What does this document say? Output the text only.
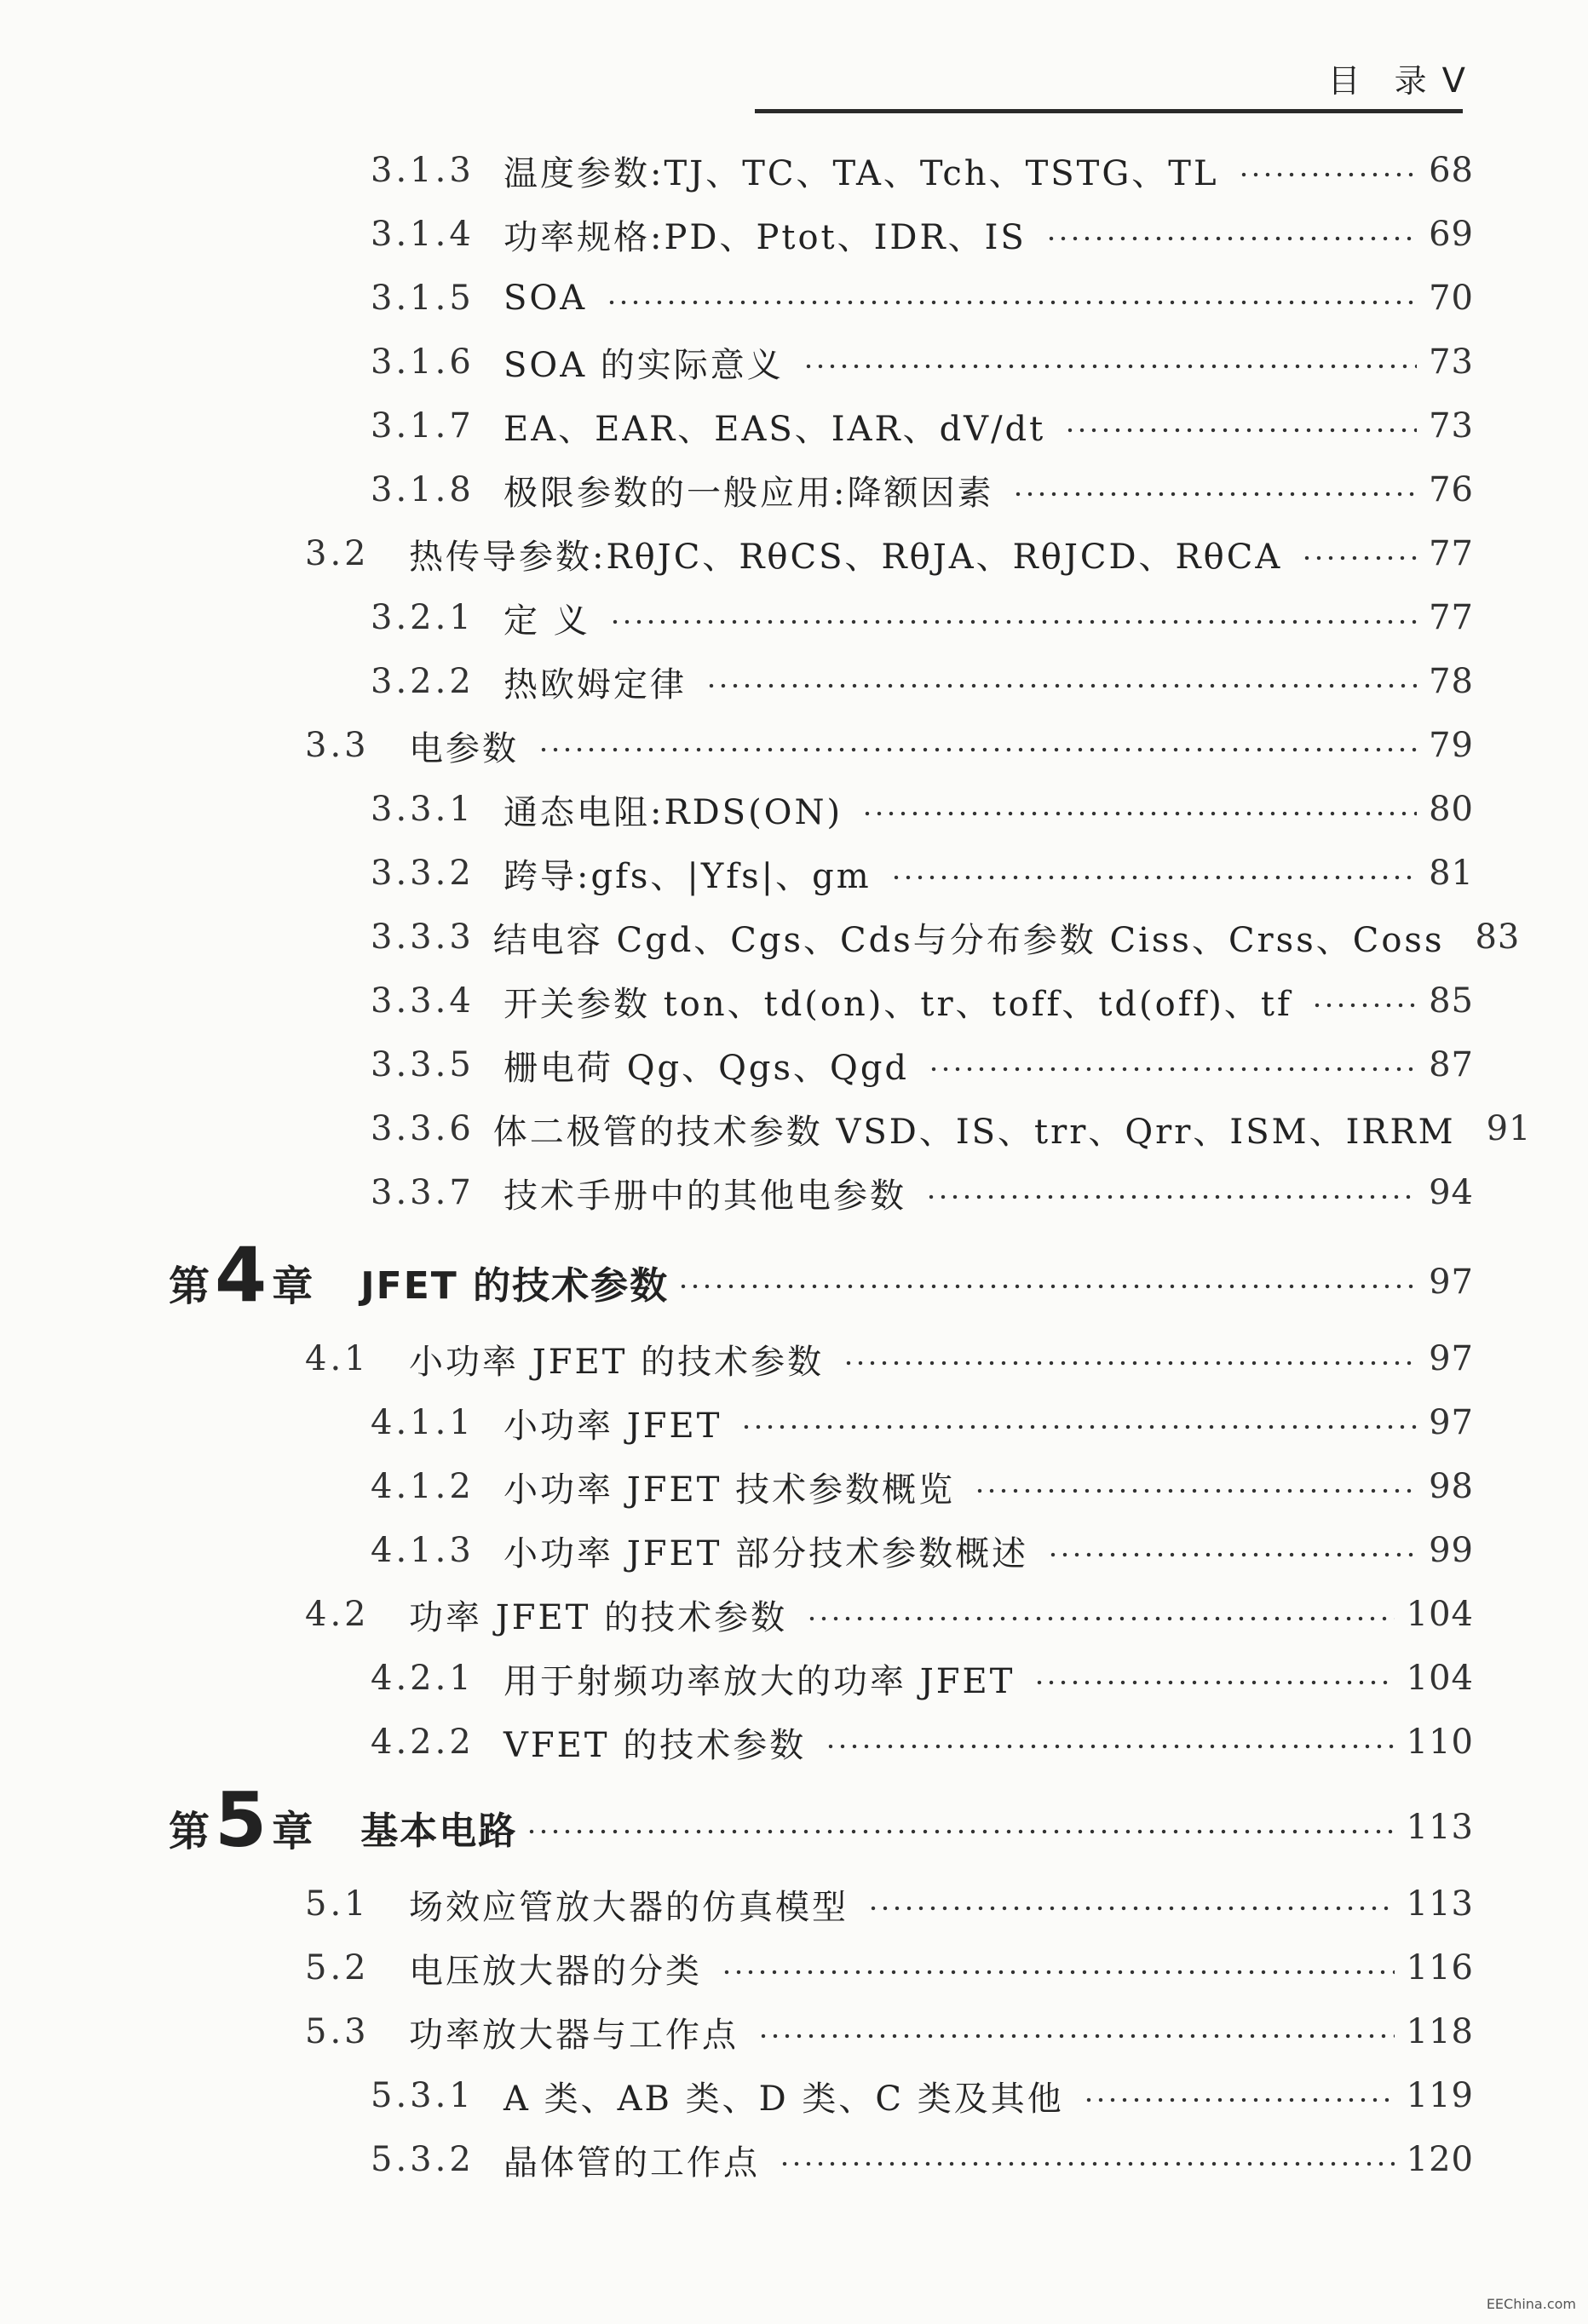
目 录 V
3.1.3 温度参数:TJ、TC、TA、Tch、TSTG、TL	68
3.1.4 功率规格:PD、Ptot、IDR、IS	69
3.1.5 SOA	70
3.1.6 SOA 的实际意义	73
3.1.7 EA、EAR、EAS、IAR、dV/dt	73
3.1.8 极限参数的一般应用:降额因素	76
3.2	热传导参数:RθJC、RθCS、RθJA、RθJCD、RθCA	77
3.2.1 定 义	77
3.2.2 热欧姆定律	78
3.3	电参数	79
3.3.1 通态电阻:RDS(ON)	80
3.3.2 跨导:gfs、|Yfs|、gm	81
3.3.3 结电容 Cgd、Cgs、Cds与分布参数 Ciss、Crss、Coss 83
3.3.4 开关参数 ton、td(on)、tr、toff、td(off)、tf	85
3.3.5 栅电荷 Qg、Qgs、Qgd	87
3.3.6 体二极管的技术参数 VSD、IS、trr、Qrr、ISM、IRRM 91
3.3.7 技术手册中的其他电参数	94
第 4 章	JFET 的技术参数	97
4.1	小功率 JFET 的技术参数	97
4.1.1 小功率 JFET	97
4.1.2 小功率 JFET 技术参数概览	98
4.1.3 小功率 JFET 部分技术参数概述	99
4.2	功率 JFET 的技术参数	104
4.2.1 用于射频功率放大的功率 JFET	104
4.2.2 VFET 的技术参数	110
第 5 章	基本电路	113
5.1	场效应管放大器的仿真模型	113
5.2	电压放大器的分类	116
5.3	功率放大器与工作点	118
5.3.1 A 类、AB 类、D 类、C 类及其他	119
5.3.2 晶体管的工作点	120
EEChina.com
